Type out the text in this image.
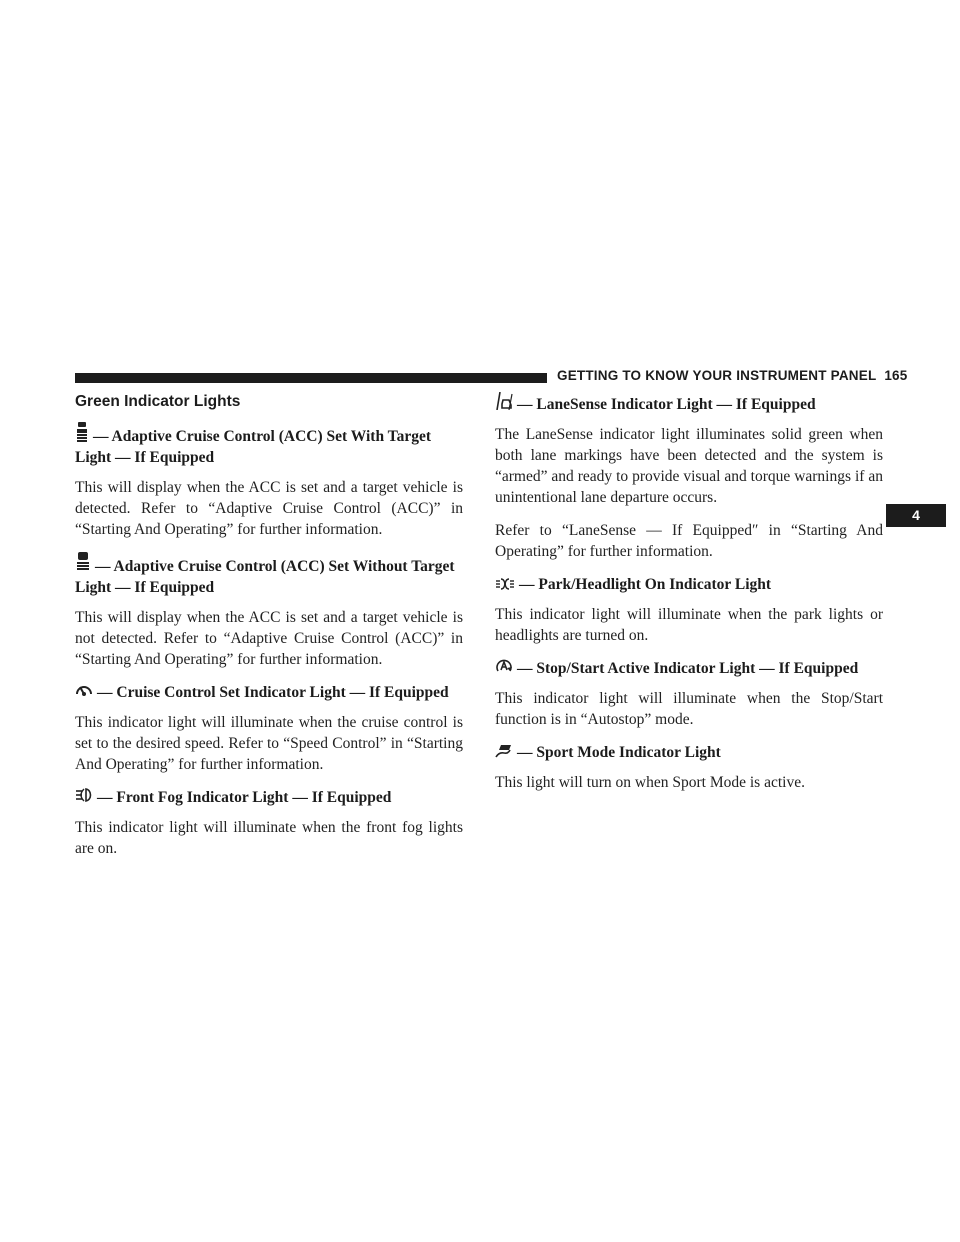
GETTING TO KNOW YOUR INSTRUMENT PANEL 165
4
Green Indicator Lights
— Adaptive Cruise Control (ACC) Set With Target Light — If Equipped
This will display when the ACC is set and a target vehicle is detected. Refer to “Adaptive Cruise Control (ACC)” in “Starting And Operating” for further information.
— Adaptive Cruise Control (ACC) Set Without Target Light — If Equipped
This will display when the ACC is set and a target vehicle is not detected. Refer to “Adaptive Cruise Control (ACC)” in “Starting And Operating” for further information.
— Cruise Control Set Indicator Light — If Equipped
This indicator light will illuminate when the cruise control is set to the desired speed. Refer to “Speed Control” in “Starting And Operating” for further information.
— Front Fog Indicator Light — If Equipped
This indicator light will illuminate when the front fog lights are on.
— LaneSense Indicator Light — If Equipped
The LaneSense indicator light illuminates solid green when both lane markings have been detected and the system is “armed” and ready to provide visual and torque warnings if an unintentional lane departure occurs.
Refer to “LaneSense — If Equipped″ in “Starting And Operating” for further information.
— Park/Headlight On Indicator Light
This indicator light will illuminate when the park lights or headlights are turned on.
— Stop/Start Active Indicator Light — If Equipped
This indicator light will illuminate when the Stop/Start function is in “Autostop” mode.
— Sport Mode Indicator Light
This light will turn on when Sport Mode is active.
